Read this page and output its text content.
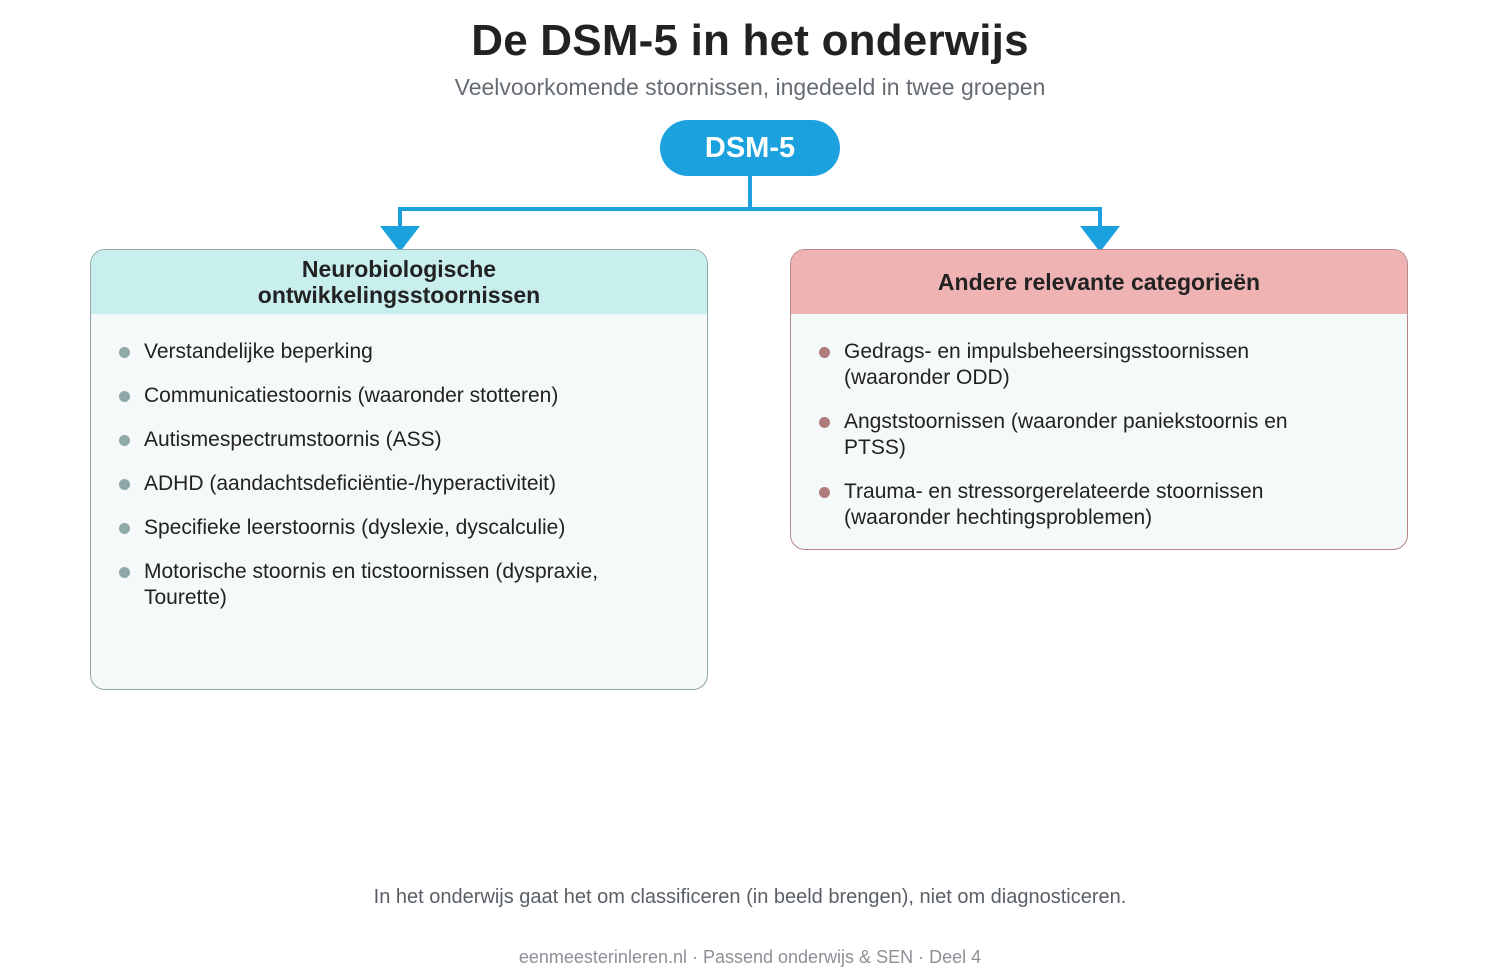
De DSM-5 in het onderwijs
Veelvoorkomende stoornissen, ingedeeld in twee groepen
DSM-5
Neurobiologische
ontwikkelingsstoornissen
Verstandelijke beperking
Communicatiestoornis (waaronder stotteren)
Autismespectrumstoornis (ASS)
ADHD (aandachtsdeficiëntie-/hyperactiviteit)
Specifieke leerstoornis (dyslexie, dyscalculie)
Motorische stoornis en ticstoornissen (dyspraxie, Tourette)
Andere relevante categorieën
Gedrags- en impulsbeheersingsstoornissen (waaronder ODD)
Angststoornissen (waaronder paniekstoornis en PTSS)
Trauma- en stressorgerelateerde stoornissen (waaronder hechtingsproblemen)
In het onderwijs gaat het om classificeren (in beeld brengen), niet om diagnosticeren.
eenmeesterinleren.nl · Passend onderwijs & SEN · Deel 4
